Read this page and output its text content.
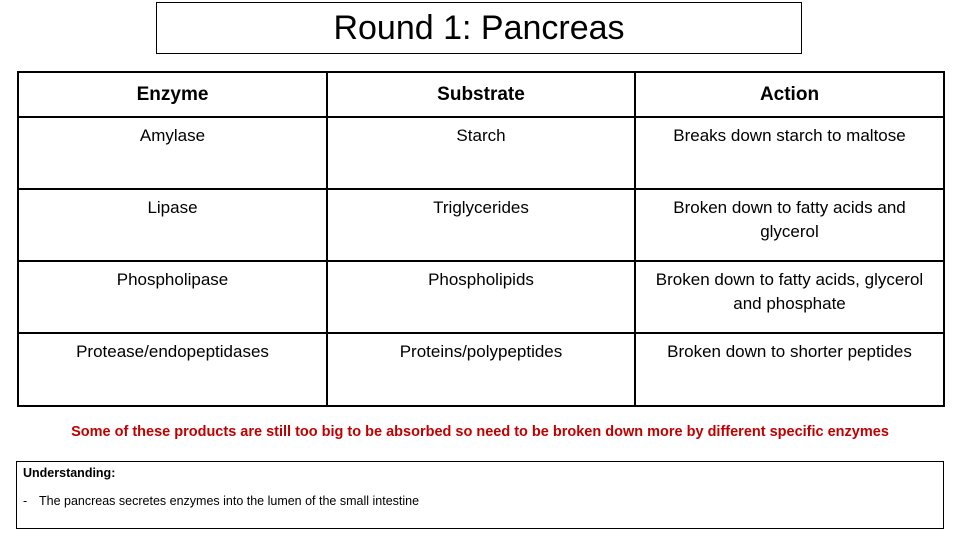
Round 1: Pancreas
Enzyme	Substrate	Action
Amylase	Starch	Breaks down starch to maltose
Lipase	Triglycerides	Broken down to fatty acids and glycerol
Phospholipase	Phospholipids	Broken down to fatty acids, glycerol and phosphate
Protease/endopeptidases	Proteins/polypeptides	Broken down to shorter peptides
Some of these products are still too big to be absorbed so need to be broken down more by different specific enzymes
Understanding:
- The pancreas secretes enzymes into the lumen of the small intestine
